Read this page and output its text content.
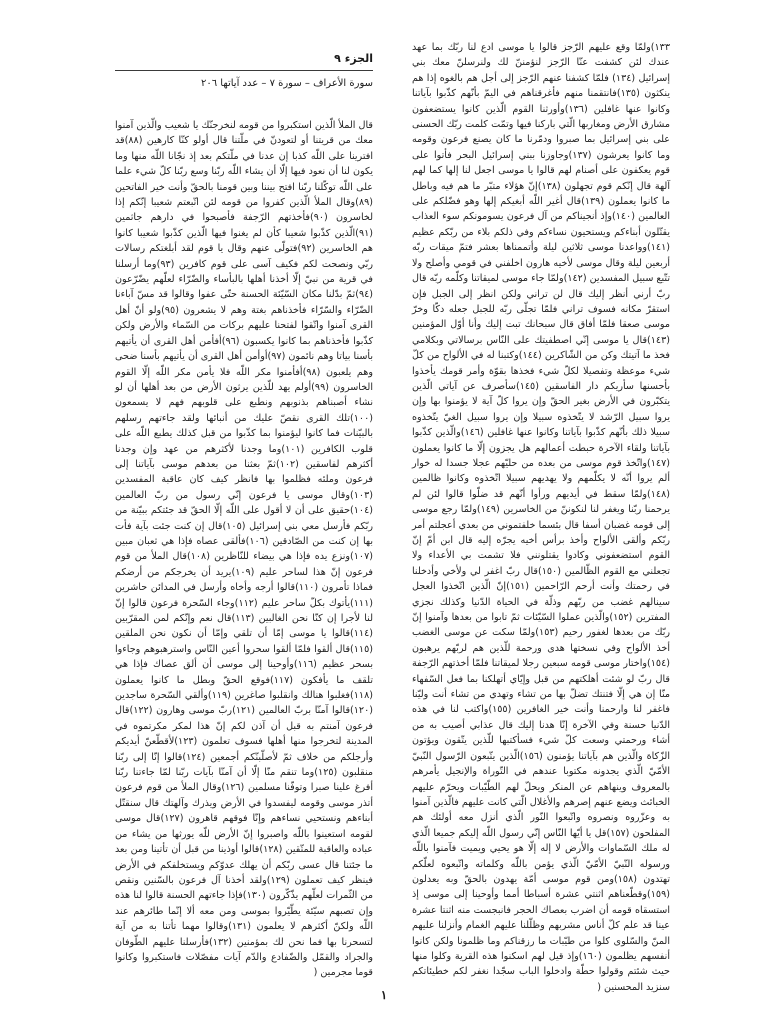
الجزء ٩
سورة الأعراف – سورة ٧ – عدد آياتها ٢٠٦
١٣٣)ولمّا وقع عليهم الرّجز قالوا يا موسى ادع لنا ربّك بما عهد عندك لئن كشفت عنّا الرّجز لنؤمننّ لك ولنرسلنّ معك بني إسرائيل (١٣٤) فلمّا كشفنا عنهم الرّجز إلى أجل هم بالغوه إذا هم ينكثون (١٣٥)فانتقمنا منهم فأغرقناهم في اليمّ بأنّهم كذّبوا بآياتنا وكانوا عنها غافلين (١٣٦)وأورثنا القوم الّذين كانوا يستضعفون مشارق الأرض ومغاربها الّتي باركنا فيها وتمّت كلمت ربّك الحسنى على بني إسرائيل بما صبروا ودمّرنا ما كان يصنع فرعون وقومه وما كانوا يعرشون (١٣٧)وجاوزنا ببني إسرائيل البحر فأتوا على قوم يعكفون على أصنام لهم قالوا يا موسى اجعل لنا إلها كما لهم آلهة قال إنّكم قوم تجهلون (١٣٨)إنّ هؤلاء متبّر ما هم فيه وباطل ما كانوا يعملون (١٣٩)قال أغير اللّه أبغيكم إلها وهو فضّلكم على العالمين (١٤٠)وإذ أنجيناكم من آل فرعون يسومونكم سوء العذاب يقتّلون أبناءكم ويستحيون نساءكم وفي ذلكم بلاء من ربّكم عظيم (١٤١)وواعدنا موسى ثلاثين ليلة وأتممناها بعشر فتمّ ميقات ربّه أربعين ليلة وقال موسى لأخيه هارون اخلفني في قومي وأصلح ولا تتّبع سبيل المفسدين (١٤٢)ولمّا جاء موسى لميقاتنا وكلّمه ربّه قال ربّ أرني أنظر إليك قال لن تراني ولكن انظر إلى الجبل فإن استقرّ مكانه فسوف تراني فلمّا تجلّى ربّه للجبل جعله دكّا وخرّ موسى صعقا فلمّا أفاق قال سبحانك تبت إليك وأنا أوّل المؤمنين (١٤٣)قال يا موسى إنّي اصطفيتك على النّاس برسالاتي وبكلامي فخذ ما آتيتك وكن من الشّاكرين (١٤٤)وكتبنا له في الألواح من كلّ شيء موعظة وتفصيلا لكلّ شيء فخذها بقوّة وأمر قومك يأخذوا بأحسنها سأريكم دار الفاسقين (١٤٥)سأصرف عن آياتي الّذين يتكبّرون في الأرض بغير الحقّ وإن يروا كلّ آية لا يؤمنوا بها وإن يروا سبيل الرّشد لا يتّخذوه سبيلا وإن يروا سبيل الغيّ يتّخذوه سبيلا ذلك بأنّهم كذّبوا بآياتنا وكانوا عنها غافلين (١٤٦)والّذين كذّبوا بآياتنا ولقاء الآخرة حبطت أعمالهم هل يجزون إلّا ما كانوا يعملون (١٤٧)واتّخذ قوم موسى من بعده من حليّهم عجلا جسدا له خوار ألم يروا أنّه لا يكلّمهم ولا يهديهم سبيلا اتّخذوه وكانوا ظالمين (١٤٨)ولمّا سقط في أيديهم ورأوا أنّهم قد ضلّوا قالوا لئن لم يرحمنا ربّنا ويغفر لنا لنكوننّ من الخاسرين (١٤٩)ولمّا رجع موسى إلى قومه غضبان أسفا قال بئسما خلفتموني من بعدي أعجلتم أمر ربّكم وألقى الألواح وأخذ برأس أخيه يجرّه إليه قال ابن أمّ إنّ القوم استضعفوني وكادوا يقتلونني فلا تشمت بي الأعداء ولا تجعلني مع القوم الظّالمين (١٥٠)قال ربّ اغفر لي ولأخي وأدخلنا في رحمتك وأنت أرحم الرّاحمين (١٥١)إنّ الّذين اتّخذوا العجل سينالهم غضب من ربّهم وذلّة في الحياة الدّنيا وكذلك نجزي المفترين (١٥٢)والّذين عملوا السّيّئات ثمّ تابوا من بعدها وآمنوا إنّ ربّك من بعدها لغفور رحيم (١٥٣)ولمّا سكت عن موسى الغضب أخذ الألواح وفي نسختها هدى ورحمة للّذين هم لربّهم يرهبون (١٥٤)واختار موسى قومه سبعين رجلا لميقاتنا فلمّا أخذتهم الرّجفة قال ربّ لو شئت أهلكتهم من قبل وإيّاي أتهلكنا بما فعل السّفهاء منّا إن هي إلّا فتنتك تضلّ بها من تشاء وتهدي من تشاء أنت وليّنا فاغفر لنا وارحمنا وأنت خير الغافرين (١٥٥)واكتب لنا في هذه الدّنيا حسنة وفي الآخرة إنّا هدنا إليك قال عذابي أصيب به من أشاء ورحمتي وسعت كلّ شيء فسأكتبها للّذين يتّقون ويؤتون الزّكاة والّذين هم بآياتنا يؤمنون (١٥٦)الّذين يتّبعون الرّسول النّبيّ الأمّيّ الّذي يجدونه مكتوبا عندهم في التّوراة والإنجيل يأمرهم بالمعروف وينهاهم عن المنكر ويحلّ لهم الطّيّبات ويحرّم عليهم الخبائث ويضع عنهم إصرهم والأغلال الّتي كانت عليهم فالّذين آمنوا به وعزّروه ونصروه واتّبعوا النّور الّذي أنزل معه أولئك هم المفلحون (١٥٧)قل يا أيّها النّاس إنّي رسول اللّه إليكم جميعا الّذي له ملك السّماوات والأرض لا إله إلّا هو يحيي ويميت فآمنوا باللّه ورسوله النّبيّ الأمّيّ الّذي يؤمن باللّه وكلماته واتّبعوه لعلّكم تهتدون (١٥٨)ومن قوم موسى أمّة يهدون بالحقّ وبه يعدلون (١٥٩)وقطّعناهم اثنتي عشرة أسباطا أمما وأوحينا إلى موسى إذ استسقاه قومه أن اضرب بعصاك الحجر فانبجست منه اثنتا عشرة عينا قد علم كلّ أناس مشربهم وظلّلنا عليهم الغمام وأنزلنا عليهم المنّ والسّلوى كلوا من طيّبات ما رزقناكم وما ظلمونا ولكن كانوا أنفسهم يظلمون (١٦٠)وإذ قيل لهم اسكنوا هذه القرية وكلوا منها حيث شئتم وقولوا حطّة وادخلوا الباب سجّدا نغفر لكم خطيئاتكم سنزيد المحسنين (
قال الملأ الّذين استكبروا من قومه لنخرجنّك يا شعيب والّذين آمنوا معك من قريتنا أو لتعودنّ في ملّتنا قال أولو كنّا كارهين (٨٨)قد افترينا على اللّه كذبا إن عدنا في ملّتكم بعد إذ نجّانا اللّه منها وما يكون لنا أن نعود فيها إلّا أن يشاء اللّه ربّنا وسع ربّنا كلّ شيء علما على اللّه توكّلنا ربّنا افتح بيننا وبين قومنا بالحقّ وأنت خير الفاتحين (٨٩)وقال الملأ الّذين كفروا من قومه لئن اتّبعتم شعيبا إنّكم إذا لخاسرون (٩٠)فأخذتهم الرّجفة فأصبحوا في دارهم جاثمين (٩١)الّذين كذّبوا شعيبا كأن لم يغنوا فيها الّذين كذّبوا شعيبا كانوا هم الخاسرين (٩٢)فتولّى عنهم وقال يا قوم لقد أبلغتكم رسالات ربّي ونصحت لكم فكيف آسى على قوم كافرين (٩٣)وما أرسلنا في قرية من نبيّ إلّا أخذنا أهلها بالبأساء والضّرّاء لعلّهم يضّرّعون (٩٤)ثمّ بدّلنا مكان السّيّئة الحسنة حتّى عفوا وقالوا قد مسّ آباءنا الضّرّاء والسّرّاء فأخذناهم بغتة وهم لا يشعرون (٩٥)ولو أنّ أهل القرى آمنوا واتّقوا لفتحنا عليهم بركات من السّماء والأرض ولكن كذّبوا فأخذناهم بما كانوا يكسبون (٩٦)أفأمن أهل القرى أن يأتيهم بأسنا بياتا وهم نائمون (٩٧)أوأمن أهل القرى أن يأتيهم بأسنا ضحى وهم يلعبون (٩٨)أفأمنوا مكر اللّه فلا يأمن مكر اللّه إلّا القوم الخاسرون (٩٩)أولم يهد للّذين يرثون الأرض من بعد أهلها أن لو نشاء أصبناهم بذنوبهم ونطبع على قلوبهم فهم لا يسمعون (١٠٠)تلك القرى نقصّ عليك من أنبائها ولقد جاءتهم رسلهم بالبيّنات فما كانوا ليؤمنوا بما كذّبوا من قبل كذلك يطبع اللّه على قلوب الكافرين (١٠١)وما وجدنا لأكثرهم من عهد وإن وجدنا أكثرهم لفاسقين (١٠٢)ثمّ بعثنا من بعدهم موسى بآياتنا إلى فرعون وملئه فظلموا بها فانظر كيف كان عاقبة المفسدين (١٠٣)وقال موسى يا فرعون إنّي رسول من ربّ العالمين (١٠٤)حقيق على أن لا أقول على اللّه إلّا الحقّ قد جئتكم ببيّنة من ربّكم فأرسل معي بني إسرائيل (١٠٥)قال إن كنت جئت بآية فأت بها إن كنت من الصّادقين (١٠٦)فألقى عصاه فإذا هي ثعبان مبين (١٠٧)ونزع يده فإذا هي بيضاء للنّاظرين (١٠٨)قال الملأ من قوم فرعون إنّ هذا لساحر عليم (١٠٩)يريد أن يخرجكم من أرضكم فماذا تأمرون (١١٠)قالوا أرجه وأخاه وأرسل في المدائن حاشرين (١١١)يأتوك بكلّ ساحر عليم (١١٢)وجاء السّحرة فرعون قالوا إنّ لنا لأجرا إن كنّا نحن الغالبين (١١٣)قال نعم وإنّكم لمن المقرّبين (١١٤)قالوا يا موسى إمّا أن تلقي وإمّا أن نكون نحن الملقين (١١٥)قال ألقوا فلمّا ألقوا سحروا أعين النّاس واسترهبوهم وجاءوا بسحر عظيم (١١٦)وأوحينا إلى موسى أن ألق عصاك فإذا هي تلقف ما يأفكون (١١٧)فوقع الحقّ وبطل ما كانوا يعملون (١١٨)فغلبوا هنالك وانقلبوا صاغرين (١١٩)وألقي السّحرة ساجدين (١٢٠)قالوا آمنّا بربّ العالمين (١٢١)ربّ موسى وهارون (١٢٢)قال فرعون آمنتم به قبل أن آذن لكم إنّ هذا لمكر مكرتموه في المدينة لتخرجوا منها أهلها فسوف تعلمون (١٢٣)لأقطّعنّ أيديكم وأرجلكم من خلاف ثمّ لأصلّبنّكم أجمعين (١٢٤)قالوا إنّا إلى ربّنا منقلبون (١٢٥)وما تنقم منّا إلّا أن آمنّا بآيات ربّنا لمّا جاءتنا ربّنا أفرغ علينا صبرا وتوفّنا مسلمين (١٢٦)وقال الملأ من قوم فرعون أتذر موسى وقومه ليفسدوا في الأرض ويذرك وآلهتك قال سنقتّل أبناءهم ونستحيي نساءهم وإنّا فوقهم قاهرون (١٢٧)قال موسى لقومه استعينوا باللّه واصبروا إنّ الأرض للّه يورثها من يشاء من عباده والعاقبة للمتّقين (١٢٨)قالوا أوذينا من قبل أن تأتينا ومن بعد ما جئتنا قال عسى ربّكم أن يهلك عدوّكم ويستخلفكم في الأرض فينظر كيف تعملون (١٢٩)ولقد أخذنا آل فرعون بالسّنين ونقص من الثّمرات لعلّهم يذّكّرون (١٣٠)فإذا جاءتهم الحسنة قالوا لنا هذه وإن تصبهم سيّئة يطّيّروا بموسى ومن معه ألا إنّما طائرهم عند اللّه ولكنّ أكثرهم لا يعلمون (١٣١)وقالوا مهما تأتنا به من آية لتسحرنا بها فما نحن لك بمؤمنين (١٣٢)فأرسلنا عليهم الطّوفان والجراد والقمّل والضّفادع والدّم آيات مفصّلات فاستكبروا وكانوا قوما مجرمين (
١
